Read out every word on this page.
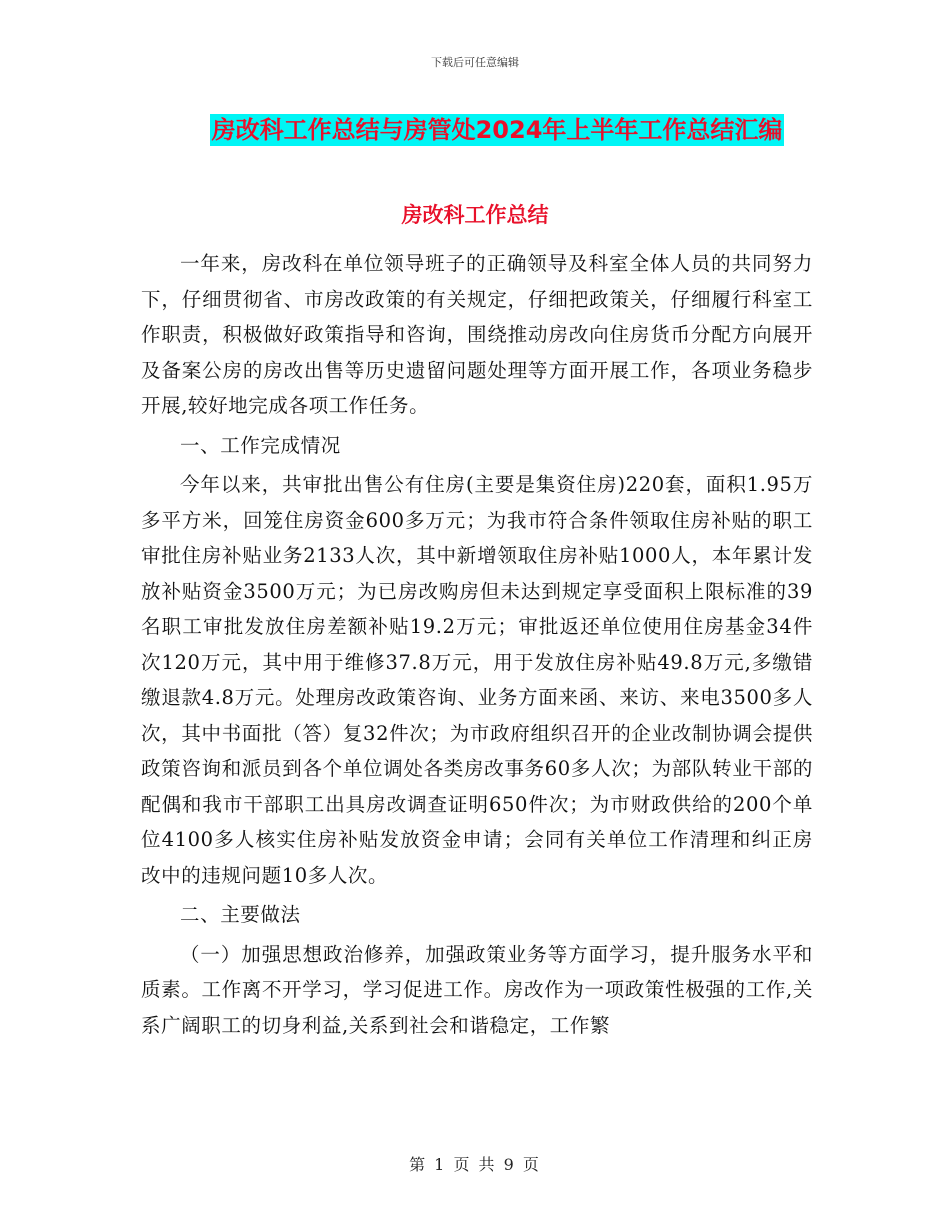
下载后可任意编辑
房改科工作总结与房管处2024年上半年工作总结汇编
房改科工作总结

一年来，房改科在单位领导班子的正确领导及科室全体人员的共同努力下，仔细贯彻省、市房改政策的有关规定，仔细把政策关，仔细履行科室工作职责，积极做好政策指导和咨询，围绕推动房改向住房货币分配方向展开及备案公房的房改出售等历史遗留问题处理等方面开展工作，各项业务稳步开展,较好地完成各项工作任务。

一、工作完成情况

今年以来，共审批出售公有住房(主要是集资住房)220套，面积1.95万多平方米，回笼住房资金600多万元；为我市符合条件领取住房补贴的职工审批住房补贴业务2133人次，其中新增领取住房补贴1000人，本年累计发放补贴资金3500万元；为已房改购房但未达到规定享受面积上限标准的39名职工审批发放住房差额补贴19.2万元；审批返还单位使用住房基金34件次120万元，其中用于维修37.8万元，用于发放住房补贴49.8万元,多缴错缴退款4.8万元。处理房改政策咨询、业务方面来函、来访、来电3500多人次，其中书面批（答）复32件次；为市政府组织召开的企业改制协调会提供政策咨询和派员到各个单位调处各类房改事务60多人次；为部队转业干部的配偶和我市干部职工出具房改调查证明650件次；为市财政供给的200个单位4100多人核实住房补贴发放资金申请；会同有关单位工作清理和纠正房改中的违规问题10多人次。

二、主要做法

（一）加强思想政治修养，加强政策业务等方面学习，提升服务水平和质素。工作离不开学习，学习促进工作。房改作为一项政策性极强的工作,关系广阔职工的切身利益,关系到社会和谐稳定，工作繁

第 1 页 共 9 页
